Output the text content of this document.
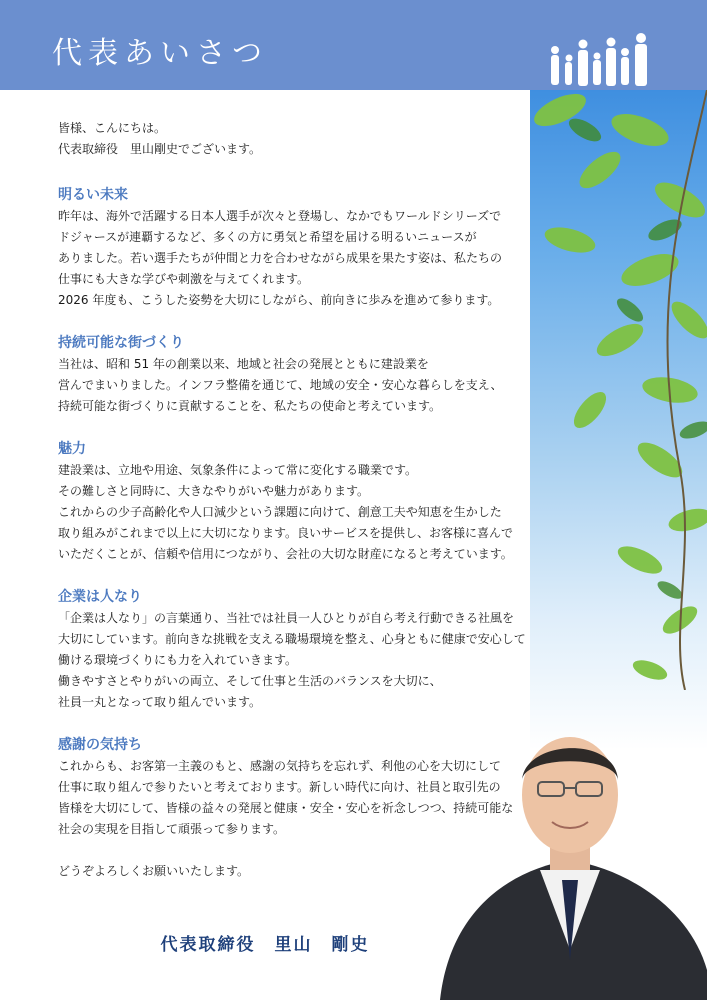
代表あいさつ

皆様、こんにちは。

代表取締役　里山剛史でございます。

明るい未来

昨年は、海外で活躍する日本人選手が次々と登場し、なかでもワールドシリーズで
ドジャースが連覇するなど、多くの方に勇気と希望を届ける明るいニュースが
ありました。若い選手たちが仲間と力を合わせながら成果を果たす姿は、私たちの
仕事にも大きな学びや刺激を与えてくれます。
2026 年度も、こうした姿勢を大切にしながら、前向きに歩みを進めて参ります。

持続可能な街づくり

当社は、昭和 51 年の創業以来、地域と社会の発展とともに建設業を
営んでまいりました。インフラ整備を通じて、地域の安全・安心な暮らしを支え、
持続可能な街づくりに貢献することを、私たちの使命と考えています。

魅力

建設業は、立地や用途、気象条件によって常に変化する職業です。
その難しさと同時に、大きなやりがいや魅力があります。
これからの少子高齢化や人口減少という課題に向けて、創意工夫や知恵を生かした
取り組みがこれまで以上に大切になります。良いサービスを提供し、お客様に喜んで
いただくことが、信頼や信用につながり、会社の大切な財産になると考えています。

企業は人なり

「企業は人なり」の言葉通り、当社では社員一人ひとりが自ら考え行動できる社風を
大切にしています。前向きな挑戦を支える職場環境を整え、心身ともに健康で安心して
働ける環境づくりにも力を入れていきます。
働きやすさとやりがいの両立、そして仕事と生活のバランスを大切に、
社員一丸となって取り組んでいます。

感謝の気持ち

これからも、お客第一主義のもと、感謝の気持ちを忘れず、利他の心を大切にして
仕事に取り組んで参りたいと考えております。新しい時代に向け、社員と取引先の
皆様を大切にして、皆様の益々の発展と健康・安全・安心を祈念しつつ、持続可能な
社会の実現を目指して頑張って参ります。

どうぞよろしくお願いいたします。

代表取締役　里山　剛史
